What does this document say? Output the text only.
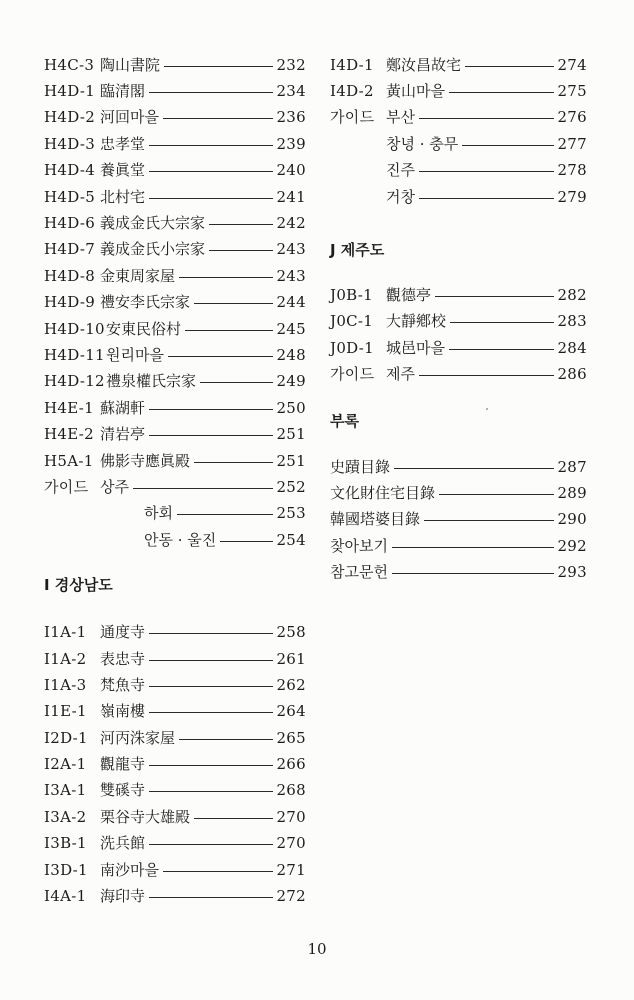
H4C-3 陶山書院	232
H4D-1 臨清閣	234
H4D-2 河回마을	236
H4D-3 忠孝堂	239
H4D-4 養眞堂	240
H4D-5 北村宅	241
H4D-6 義成金氏大宗家	242
H4D-7 義成金氏小宗家	243
H4D-8 金東周家屋	243
H4D-9 禮安李氏宗家	244
H4D-10 安東民俗村	245
H4D-11 원리마을	248
H4D-12 禮泉權氏宗家	249
H4E-1 蘇湖軒	250
H4E-2 清岩亭	251
H5A-1 佛影寺應眞殿	251
가이드 상주	252
하회	253
안동 · 울진	254
I 경상남도
I1A-1 通度寺	258
I1A-2 表忠寺	261
I1A-3 梵魚寺	262
I1E-1 嶺南樓	264
I2D-1 河丙洙家屋	265
I2A-1 觀龍寺	266
I3A-1 雙磎寺	268
I3A-2 栗谷寺大雄殿	270
I3B-1 洗兵館	270
I3D-1 南沙마을	271
I4A-1 海印寺	272
I4D-1 鄭汝昌故宅	274
I4D-2 黃山마을	275
가이드 부산	276
창녕 · 충무	277
진주	278
거창	279
J 제주도
J0B-1 觀德亭	282
J0C-1 大靜鄕校	283
J0D-1 城邑마을	284
가이드 제주	286
부록
史蹟目錄	287
文化財住宅目錄	289
韓國塔婆目錄	290
찾아보기	292
참고문헌	293
10
